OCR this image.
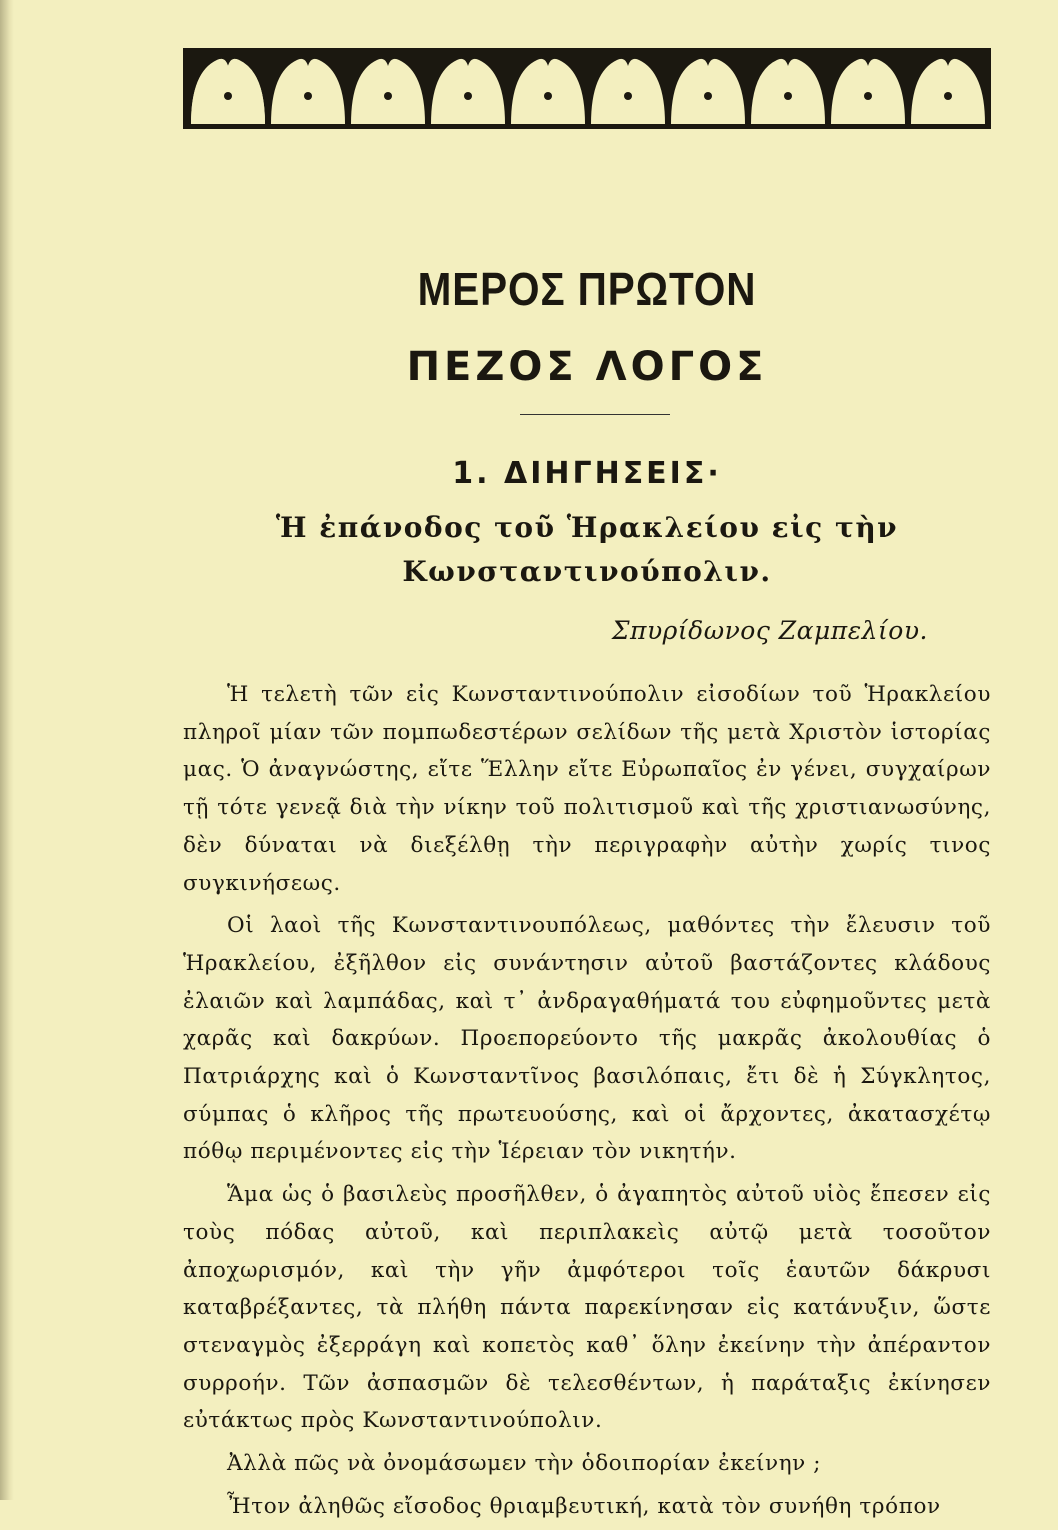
ΜΕΡΟΣ ΠΡΩΤΟΝ
ΠΕΖΟΣ ΛΟΓΟΣ
1. ΔΙΗΓΗΣΕΙΣ·
Ἡ ἐπάνοδος τοῦ Ἡρακλείου εἰς τὴν Κωνσταντινούπολιν.
Σπυρίδωνος Ζαμπελίου.

Ἡ τελετὴ τῶν εἰς Κωνσταντινούπολιν εἰσοδίων τοῦ Ἡρακλείου πληροῖ μίαν τῶν πομπωδεστέρων σελίδων τῆς μετὰ Χριστὸν ἱστορίας μας. Ὁ ἀναγνώστης, εἴτε Ἕλλην εἴτε Εὐρωπαῖος ἐν γένει, συγχαίρων τῇ τότε γενεᾷ διὰ τὴν νίκην τοῦ πολιτισμοῦ καὶ τῆς χριστιανωσύνης, δὲν δύναται νὰ διεξέλθῃ τὴν περιγραφὴν αὐτὴν χωρίς τινος συγκινήσεως.

Οἱ λαοὶ τῆς Κωνσταντινουπόλεως, μαθόντες τὴν ἔλευσιν τοῦ Ἡρακλείου, ἐξῆλθον εἰς συνάντησιν αὐτοῦ βαστάζοντες κλάδους ἐλαιῶν καὶ λαμπάδας, καὶ τ᾿ ἀνδραγαθήματά του εὐφημοῦντες μετὰ χαρᾶς καὶ δακρύων. Προεπορεύοντο τῆς μακρᾶς ἀκολουθίας ὁ Πατριάρχης καὶ ὁ Κωνσταντῖνος βασιλόπαις, ἔτι δὲ ἡ Σύγκλητος, σύμπας ὁ κλῆρος τῆς πρωτευούσης, καὶ οἱ ἄρχοντες, ἀκατασχέτῳ πόθῳ περιμένοντες εἰς τὴν Ἱέρειαν τὸν νικητήν.

Ἅμα ὡς ὁ βασιλεὺς προσῆλθεν, ὁ ἀγαπητὸς αὐτοῦ υἱὸς ἔπεσεν εἰς τοὺς πόδας αὐτοῦ, καὶ περιπλακεὶς αὐτῷ μετὰ τοσοῦτον ἀποχωρισμόν, καὶ τὴν γῆν ἀμφότεροι τοῖς ἑαυτῶν δάκρυσι καταβρέξαντες, τὰ πλήθη πάντα παρεκίνησαν εἰς κατάνυξιν, ὥστε στεναγμὸς ἐξερράγη καὶ κοπετὸς καθ᾿ ὅλην ἐκείνην τὴν ἀπέραντον συρροήν. Τῶν ἀσπασμῶν δὲ τελεσθέντων, ἡ παράταξις ἐκίνησεν εὐτάκτως πρὸς Κωνσταντινούπολιν.

Ἀλλὰ πῶς νὰ ὀνομάσωμεν τὴν ὁδοιπορίαν ἐκείνην ;

Ἦτον ἀληθῶς εἴσοδος θριαμβευτική, κατὰ τὸν συνήθη τρόπον
